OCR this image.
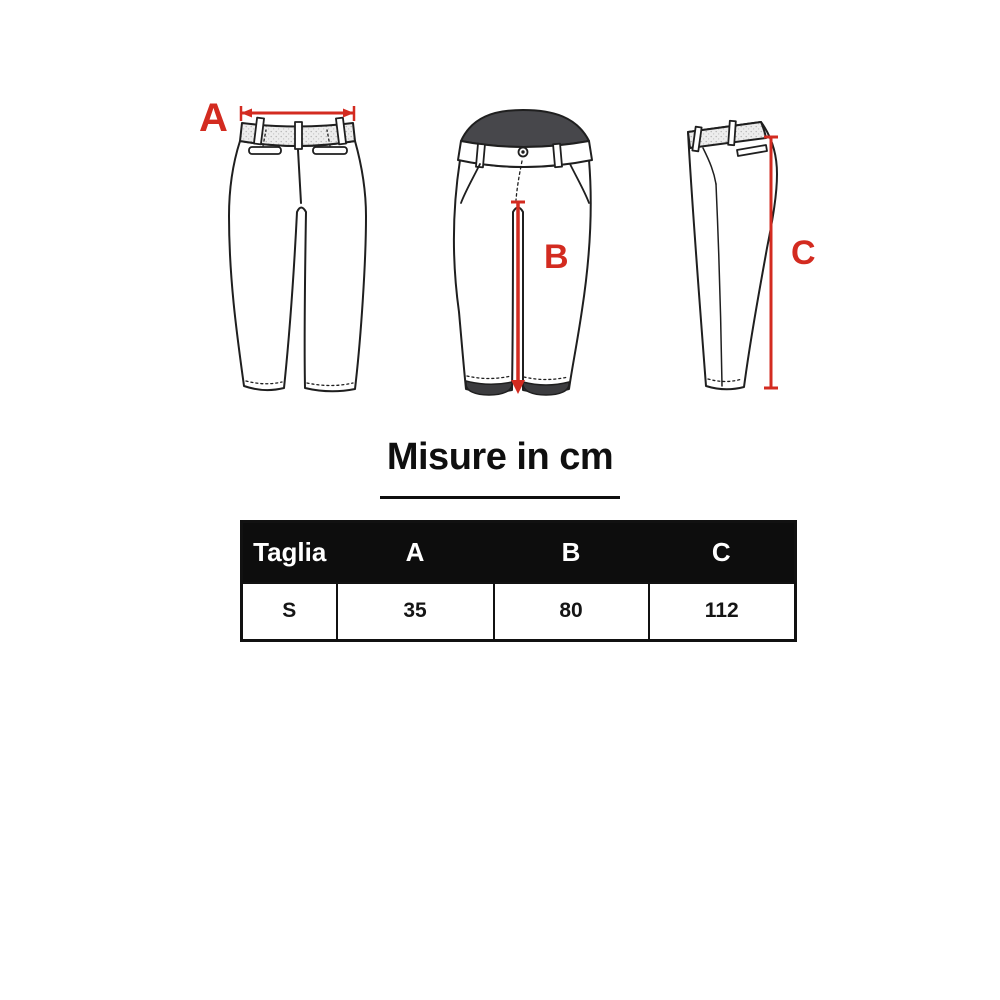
A
B	C
Misure in cm
Taglia	A	B	C
S	35	80	112
